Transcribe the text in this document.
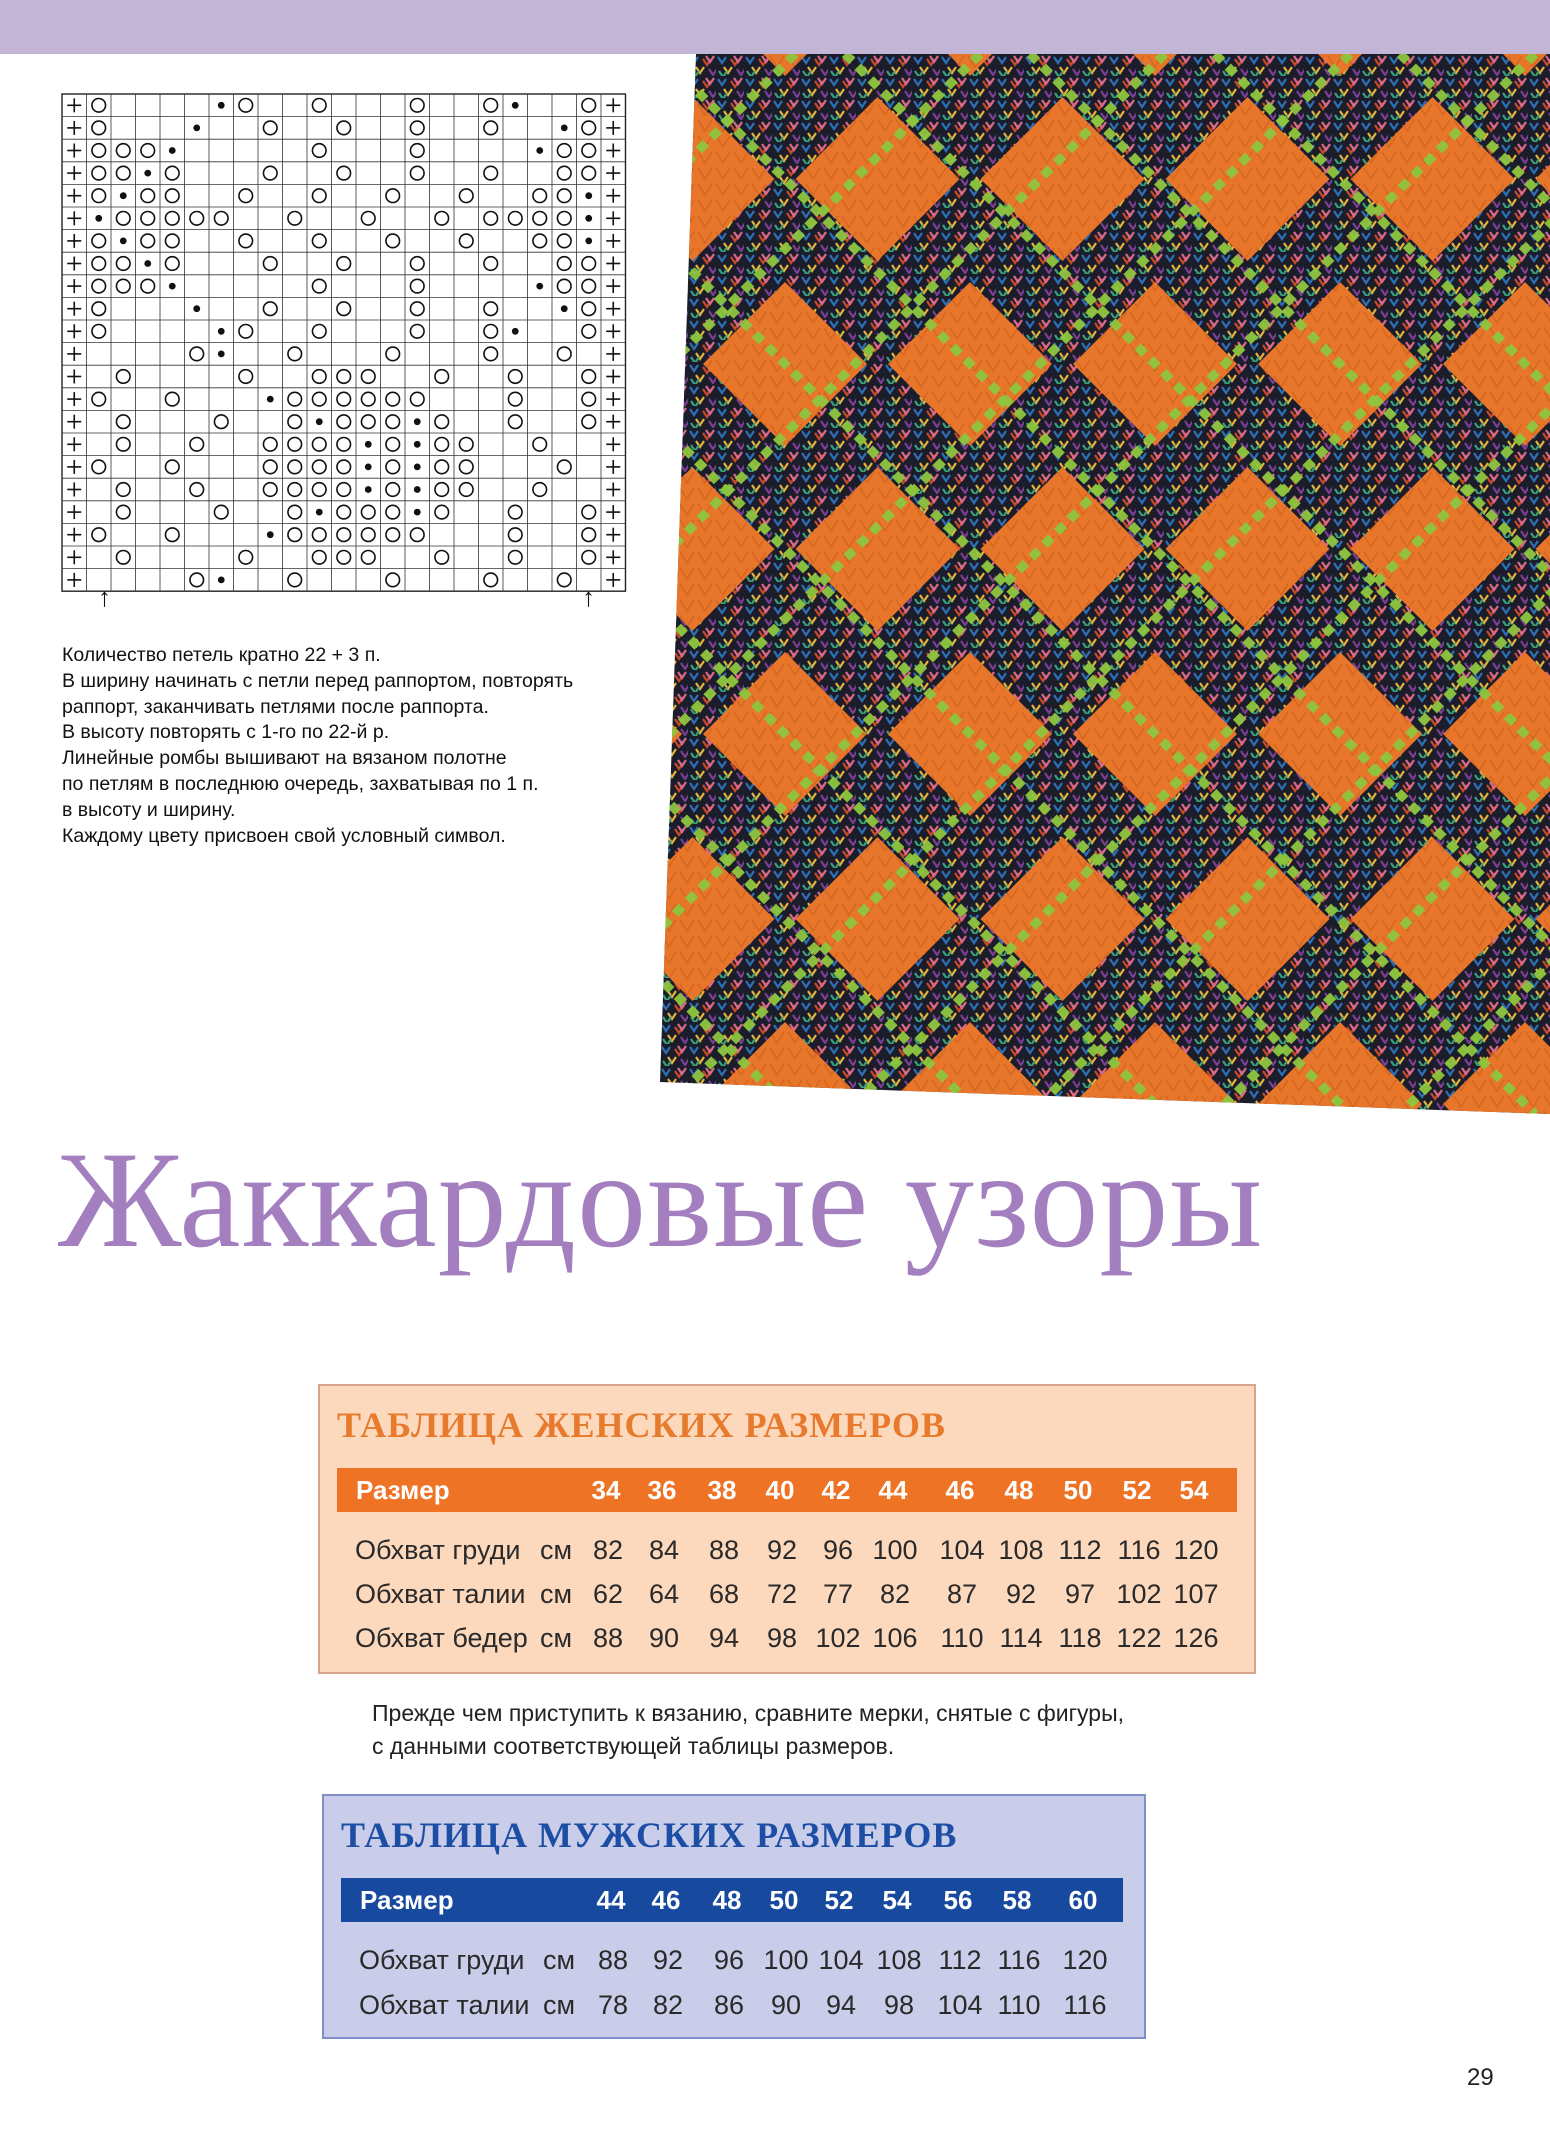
↑	↑
Количество петель кратно 22 + 3 п.
В ширину начинать с петли перед раппортом, повторять
раппорт, заканчивать петлями после раппорта.
В высоту повторять с 1-го по 22-й р.
Линейные ромбы вышивают на вязаном полотне
по петлям в последнюю очередь, захватывая по 1 п.
в высоту и ширину.
Каждому цвету присвоен свой условный символ.
Жаккардовые узоры
ТАБЛИЦА ЖЕНСКИХ РАЗМЕРОВ
Размер	34 36 38 40 42 44 46 48 50 52 54
Обхват груди см 82 84 88 92 96 100 104 108 112 116 120
Обхват талии см 62 64 68 72 77 82 87 92 97 102 107
Обхват бедер см 88 90 94 98 102 106 110 114 118 122 126
Прежде чем приступить к вязанию, сравните мерки, снятые с фигуры,
с данными соответствующей таблицы размеров.
ТАБЛИЦА МУЖСКИХ РАЗМЕРОВ
Размер	44 46 48 50 52 54 56 58 60
Обхват груди см 88 92 96 100 104 108 112 116 120
Обхват талии см 78 82 86 90 94 98 104 110 116
29
